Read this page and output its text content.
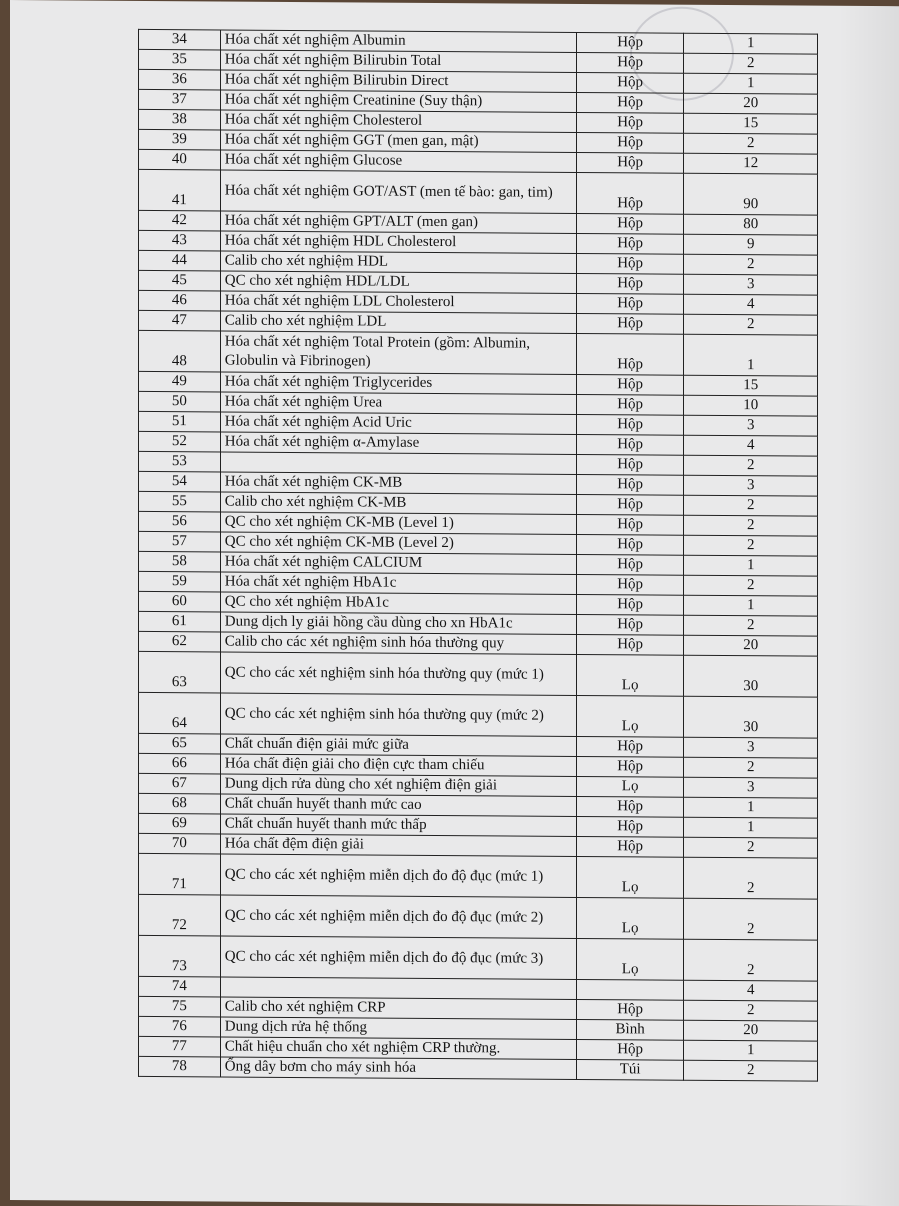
34	Hóa chất xét nghiệm Albumin	Hộp	1
35	Hóa chất xét nghiệm Bilirubin Total	Hộp	2
36	Hóa chất xét nghiệm Bilirubin Direct	Hộp	1
37	Hóa chất xét nghiệm Creatinine (Suy thận)	Hộp	20
38	Hóa chất xét nghiệm Cholesterol	Hộp	15
39	Hóa chất xét nghiệm GGT (men gan, mật)	Hộp	2
40	Hóa chất xét nghiệm Glucose	Hộp	12
41	Hóa chất xét nghiệm GOT/AST (men tế bào: gan, tim)	Hộp	90
42	Hóa chất xét nghiệm GPT/ALT (men gan)	Hộp	80
43	Hóa chất xét nghiệm HDL Cholesterol	Hộp	9
44	Calib cho xét nghiệm HDL	Hộp	2
45	QC cho xét nghiệm HDL/LDL	Hộp	3
46	Hóa chất xét nghiệm LDL Cholesterol	Hộp	4
47	Calib cho xét nghiệm LDL	Hộp	2
48	Hóa chất xét nghiệm Total Protein (gồm: Albumin, Globulin và Fibrinogen)	Hộp	1
49	Hóa chất xét nghiệm Triglycerides	Hộp	15
50	Hóa chất xét nghiệm Urea	Hộp	10
51	Hóa chất xét nghiệm Acid Uric	Hộp	3
52	Hóa chất xét nghiệm α-Amylase	Hộp	4
53		Hộp	2
54	Hóa chất xét nghiệm CK-MB	Hộp	3
55	Calib cho xét nghiệm CK-MB	Hộp	2
56	QC cho xét nghiệm CK-MB (Level 1)	Hộp	2
57	QC cho xét nghiệm CK-MB (Level 2)	Hộp	2
58	Hóa chất xét nghiệm CALCIUM	Hộp	1
59	Hóa chất xét nghiệm HbA1c	Hộp	2
60	QC cho xét nghiệm HbA1c	Hộp	1
61	Dung dịch ly giải hồng cầu dùng cho xn HbA1c	Hộp	2
62	Calib cho các xét nghiệm sinh hóa thường quy	Hộp	20
63	QC cho các xét nghiệm sinh hóa thường quy (mức 1)	Lọ	30
64	QC cho các xét nghiệm sinh hóa thường quy (mức 2)	Lọ	30
65	Chất chuẩn điện giải mức giữa	Hộp	3
66	Hóa chất điện giải cho điện cực tham chiếu	Hộp	2
67	Dung dịch rửa dùng cho xét nghiệm điện giải	Lọ	3
68	Chất chuẩn huyết thanh mức cao	Hộp	1
69	Chất chuẩn huyết thanh mức thấp	Hộp	1
70	Hóa chất đệm điện giải	Hộp	2
71	QC cho các xét nghiệm miễn dịch đo độ đục (mức 1)	Lọ	2
72	QC cho các xét nghiệm miễn dịch đo độ đục (mức 2)	Lọ	2
73	QC cho các xét nghiệm miễn dịch đo độ đục (mức 3)	Lọ	2
74			4
75	Calib cho xét nghiệm CRP	Hộp	2
76	Dung dịch rửa hệ thống	Bình	20
77	Chất hiệu chuẩn cho xét nghiệm CRP thường.	Hộp	1
78	Ống dây bơm cho máy sinh hóa	Túi	2
